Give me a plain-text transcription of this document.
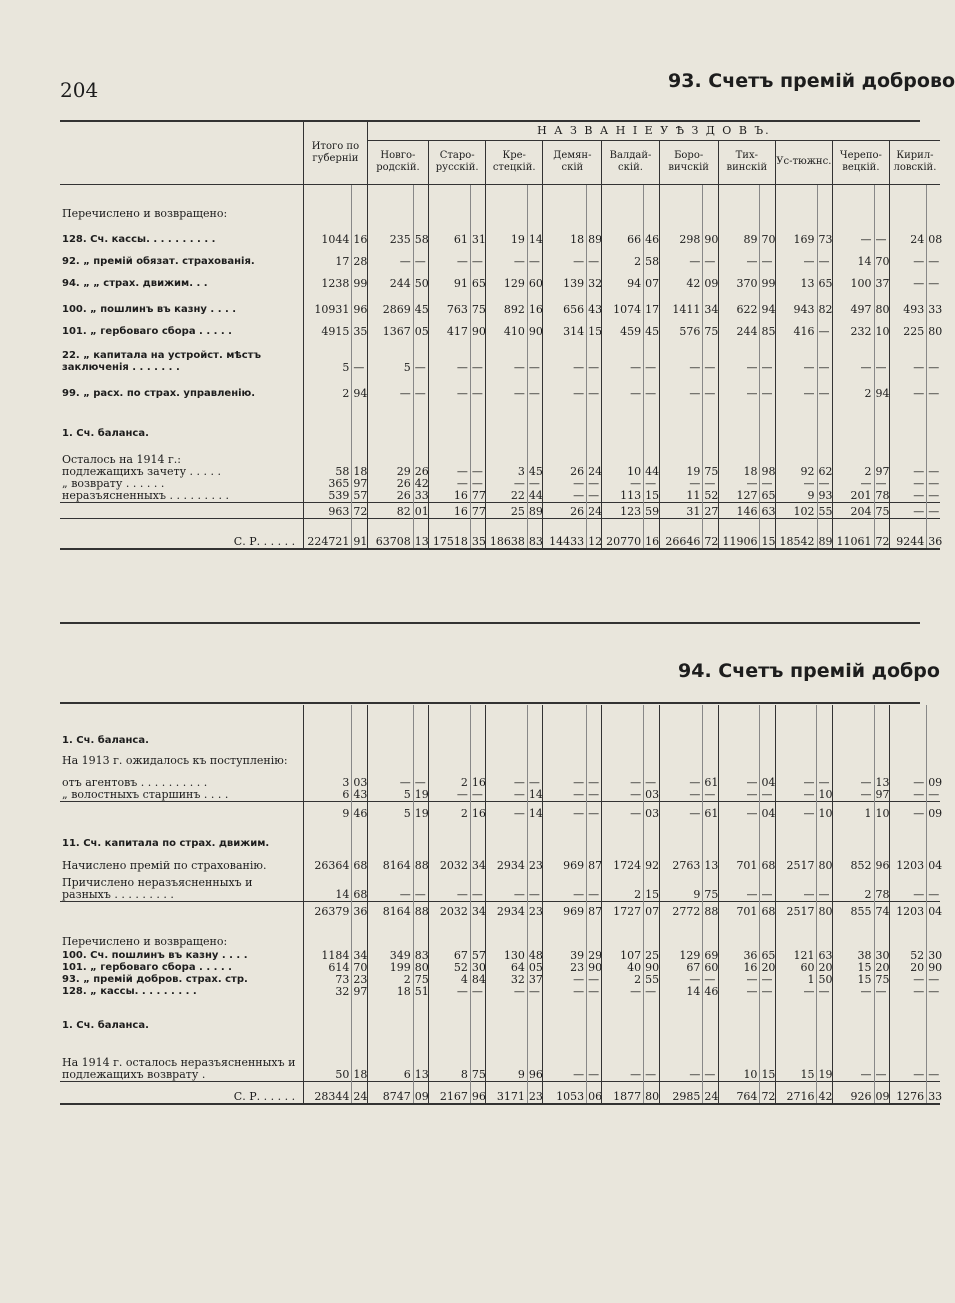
204	93. Счетъ премій доброво
	Итого по губерніи		Н А З В А Н І Е У Ѣ З Д О В Ъ.																			
			Новго-родскій.		Старо-русскій.		Кре-стецкій.		Демян-скій		Валдай-скій.		Боро-вичскій		Тих-винскій		Ус-тюжнс.		Черепо-вецкій.		Кирил-ловскій.	
Перечислено и возвращено:																						
128. Сч. кассы. . . . . . . . . .	1044	16	235	58	61	31	19	14	18	89	66	46	298	90	89	70	169	73	—	—	24	08
92. „ премій обязат. страхованія.	17	28	—	—	—	—	—	—	—	—	2	58	—	—	—	—	—	—	14	70	—	—
94. „ „ страх. движим. . .	1238	99	244	50	91	65	129	60	139	32	94	07	42	09	370	99	13	65	100	37	—	—
100. „ пошлинъ въ казну . . . .	10931	96	2869	45	763	75	892	16	656	43	1074	17	1411	34	622	94	943	82	497	80	493	33
101. „ гербоваго сбора . . . . .	4915	35	1367	05	417	90	410	90	314	15	459	45	576	75	244	85	416	—	232	10	225	80
22. „ капитала на устройст. мѣстъ заключенія . . . . . . .	5	—	5	—	—	—	—	—	—	—	—	—	—	—	—	—	—	—	—	—	—	—
99. „ расх. по страх. управленію.	2	94	—	—	—	—	—	—	—	—	—	—	—	—	—	—	—	—	2	94	—	—
1. Сч. баланса.																						
Осталось на 1914 г.:																						
подлежащихъ зачету . . . . .	58	18	29	26	—	—	3	45	26	24	10	44	19	75	18	98	92	62	2	97	—	—
„ возврату . . . . . .	365	97	26	42	—	—	—	—	—	—	—	—	—	—	—	—	—	—	—	—	—	—
неразъясненныхъ . . . . . . . . .	539	57	26	33	16	77	22	44	—	—	113	15	11	52	127	65	9	93	201	78	—	—
	963	72	82	01	16	77	25	89	26	24	123	59	31	27	146	63	102	55	204	75	—	—
С. Р. . . . . .	224721	91	63708	13	17518	35	18638	83	14433	12	20770	16	26646	72	11906	15	18542	89	11061	72	9244	36
94. Счетъ премій добро
1. Сч. баланса.																						
На 1913 г. ожидалось къ поступленію:																						
отъ агентовъ . . . . . . . . . .	3	03	—	—	2	16	—	—	—	—	—	—	—	61	—	04	—	—	—	13	—	09
„ волостныхъ старшинъ . . . .	6	43	5	19	—	—	—	14	—	—	—	03	—	—	—	—	—	10	—	97	—	—
	9	46	5	19	2	16	—	14	—	—	—	03	—	61	—	04	—	10	1	10	—	09
11. Сч. капитала по страх. движим.																						
Начислено премій по страхованію.	26364	68	8164	88	2032	34	2934	23	969	87	1724	92	2763	13	701	68	2517	80	852	96	1203	04
Причислено неразъясненныхъ и разныхъ . . . . . . . . .	14	68	—	—	—	—	—	—	—	—	2	15	9	75	—	—	—	—	2	78	—	—
	26379	36	8164	88	2032	34	2934	23	969	87	1727	07	2772	88	701	68	2517	80	855	74	1203	04
Перечислено и возвращено:																						
100. Сч. пошлинъ въ казну . . . .	1184	34	349	83	67	57	130	48	39	29	107	25	129	69	36	65	121	63	38	30	52	30
101. „ гербоваго сбора . . . . .	614	70	199	80	52	30	64	05	23	90	40	90	67	60	16	20	60	20	15	20	20	90
93. „ премій добров. страх. стр.	73	23	2	75	4	84	32	37	—	—	2	55	—	—	—	—	1	50	15	75	—	—
128. „ кассы. . . . . . . . .	32	97	18	51	—	—	—	—	—	—	—	—	14	46	—	—	—	—	—	—	—	—
1. Сч. баланса.																						
На 1914 г. осталось неразъясненныхъ и подлежащихъ возврату .	50	18	6	13	8	75	9	96	—	—	—	—	—	—	10	15	15	19	—	—	—	—
С. Р. . . . . .	28344	24	8747	09	2167	96	3171	23	1053	06	1877	80	2985	24	764	72	2716	42	926	09	1276	33
